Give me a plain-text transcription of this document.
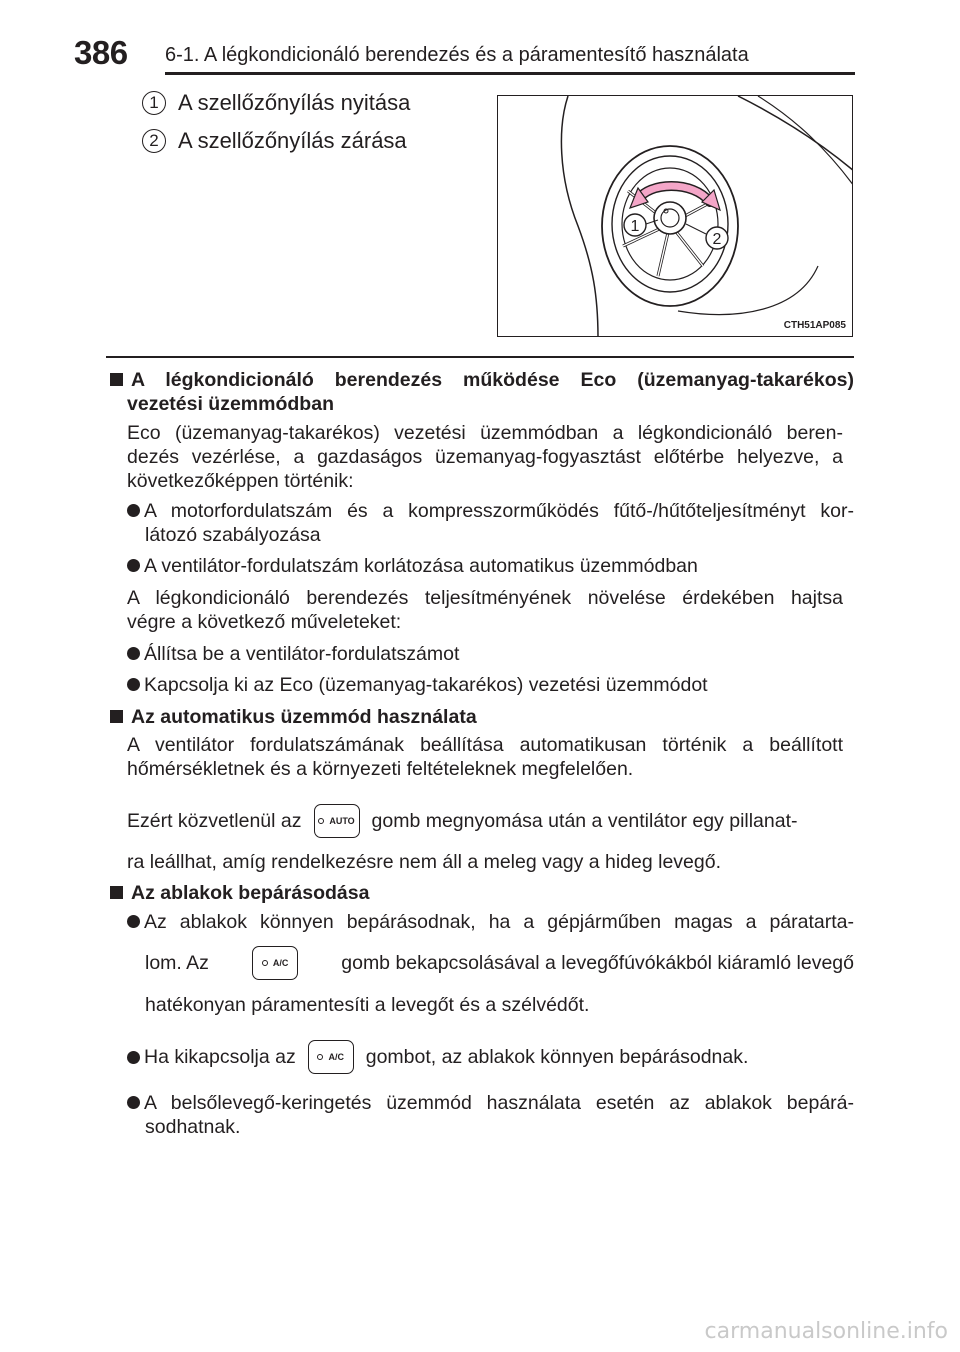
386 6-1. A légkondicionáló berendezés és a páramentesítő használata
1 A szellőzőnyílás nyitása
2 A szellőzőnyílás zárása
1
2
CTH51AP085
A légkondicionáló berendezés működése Eco (üzemanyag-takarékos)
vezetési üzemmódban
Eco (üzemanyag-takarékos) vezetési üzemmódban a légkondicionáló beren-
dezés vezérlése, a gazdaságos üzemanyag-fogyasztást előtérbe helyezve, a
következőképpen történik:
A motorfordulatszám és a kompresszorműködés fűtő-/hűtőteljesítményt kor-
látozó szabályozása
A ventilátor-fordulatszám korlátozása automatikus üzemmódban
A légkondicionáló berendezés teljesítményének növelése érdekében hajtsa
végre a következő műveleteket:
Állítsa be a ventilátor-fordulatszámot
Kapcsolja ki az Eco (üzemanyag-takarékos) vezetési üzemmódot
Az automatikus üzemmód használata
A ventilátor fordulatszámának beállítása automatikusan történik a beállított
hőmérsékletnek és a környezeti feltételeknek megfelelően.
Ezért közvetlenül az	AUTO gomb megnyomása után a ventilátor egy pillanat-
ra leállhat, amíg rendelkezésre nem áll a meleg vagy a hideg levegő.
Az ablakok bepárásodása
Az ablakok könnyen bepárásodnak, ha a gépjárműben magas a páratarta-
lom. Az	A/C	gomb bekapcsolásával a levegőfúvókákból kiáramló levegő
hatékonyan páramentesíti a levegőt és a szélvédőt.
Ha kikapcsolja az	A/C gombot, az ablakok könnyen bepárásodnak.
A belsőlevegő-keringetés üzemmód használata esetén az ablakok bepárá-
sodhatnak.
carmanualsonline.info
